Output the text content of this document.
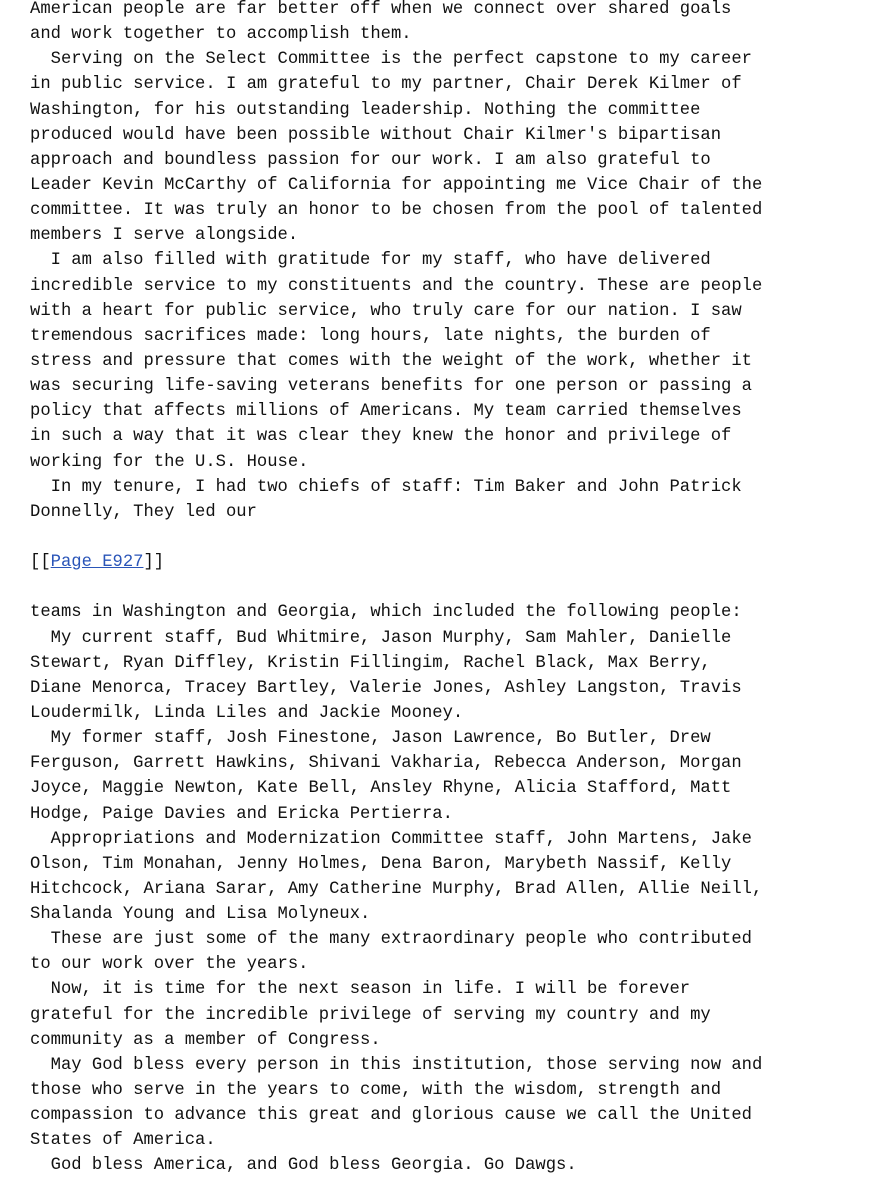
American people are far better off when we connect over shared goals
and work together to accomplish them.
Serving on the Select Committee is the perfect capstone to my career
in public service. I am grateful to my partner, Chair Derek Kilmer of
Washington, for his outstanding leadership. Nothing the committee
produced would have been possible without Chair Kilmer's bipartisan
approach and boundless passion for our work. I am also grateful to
Leader Kevin McCarthy of California for appointing me Vice Chair of the
committee. It was truly an honor to be chosen from the pool of talented
members I serve alongside.
I am also filled with gratitude for my staff, who have delivered
incredible service to my constituents and the country. These are people
with a heart for public service, who truly care for our nation. I saw
tremendous sacrifices made: long hours, late nights, the burden of
stress and pressure that comes with the weight of the work, whether it
was securing life-saving veterans benefits for one person or passing a
policy that affects millions of Americans. My team carried themselves
in such a way that it was clear they knew the honor and privilege of
working for the U.S. House.
In my tenure, I had two chiefs of staff: Tim Baker and John Patrick
Donnelly, They led our
[[Page E927]]
teams in Washington and Georgia, which included the following people:
My current staff, Bud Whitmire, Jason Murphy, Sam Mahler, Danielle
Stewart, Ryan Diffley, Kristin Fillingim, Rachel Black, Max Berry,
Diane Menorca, Tracey Bartley, Valerie Jones, Ashley Langston, Travis
Loudermilk, Linda Liles and Jackie Mooney.
My former staff, Josh Finestone, Jason Lawrence, Bo Butler, Drew
Ferguson, Garrett Hawkins, Shivani Vakharia, Rebecca Anderson, Morgan
Joyce, Maggie Newton, Kate Bell, Ansley Rhyne, Alicia Stafford, Matt
Hodge, Paige Davies and Ericka Pertierra.
Appropriations and Modernization Committee staff, John Martens, Jake
Olson, Tim Monahan, Jenny Holmes, Dena Baron, Marybeth Nassif, Kelly
Hitchcock, Ariana Sarar, Amy Catherine Murphy, Brad Allen, Allie Neill,
Shalanda Young and Lisa Molyneux.
These are just some of the many extraordinary people who contributed
to our work over the years.
Now, it is time for the next season in life. I will be forever
grateful for the incredible privilege of serving my country and my
community as a member of Congress.
May God bless every person in this institution, those serving now and
those who serve in the years to come, with the wisdom, strength and
compassion to advance this great and glorious cause we call the United
States of America.
God bless America, and God bless Georgia. Go Dawgs.
